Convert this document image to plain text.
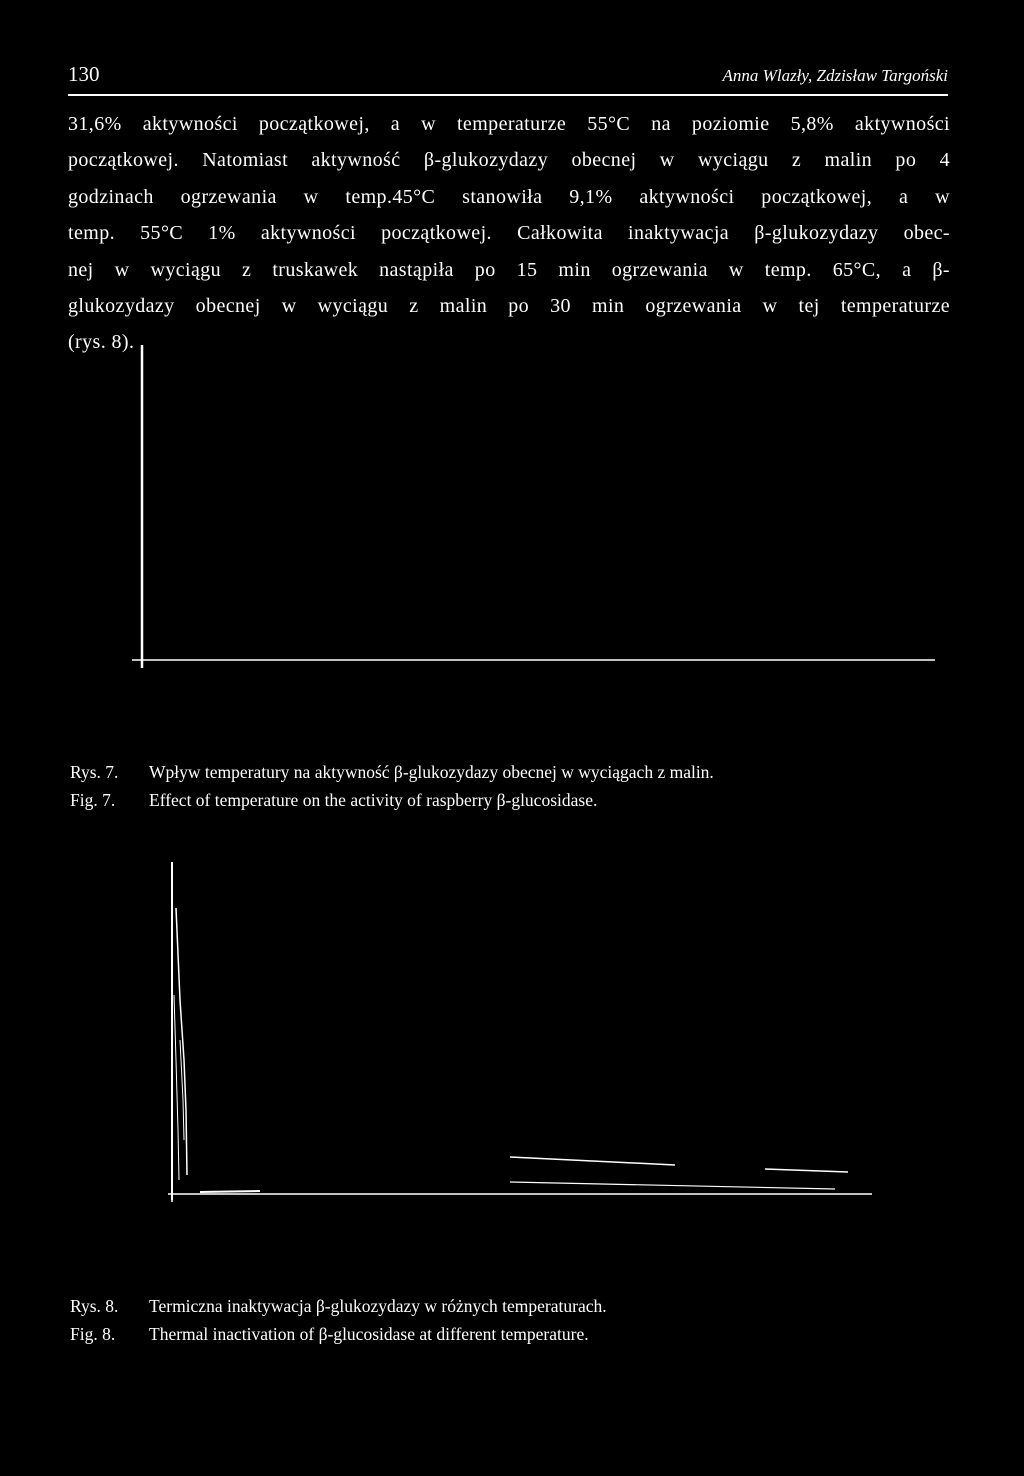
130	Anna Wlazły, Zdzisław Targoński
31,6% aktywności początkowej, a w temperaturze 55°C na poziomie 5,8% aktywności
początkowej. Natomiast aktywność β-glukozydazy obecnej w wyciągu z malin po 4
godzinach ogrzewania w temp.45°C stanowiła 9,1% aktywności początkowej, a w
temp. 55°C 1% aktywności początkowej. Całkowita inaktywacja β-glukozydazy obec-
nej w wyciągu z truskawek nastąpiła po 15 min ogrzewania w temp. 65°C, a β-
glukozydazy obecnej w wyciągu z malin po 30 min ogrzewania w tej temperaturze
(rys. 8).
Rys. 7. Wpływ temperatury na aktywność β-glukozydazy obecnej w wyciągach z malin.
Fig. 7. Effect of temperature on the activity of raspberry β-glucosidase.
Rys. 8. Termiczna inaktywacja β-glukozydazy w różnych temperaturach.
Fig. 8. Thermal inactivation of β-glucosidase at different temperature.
